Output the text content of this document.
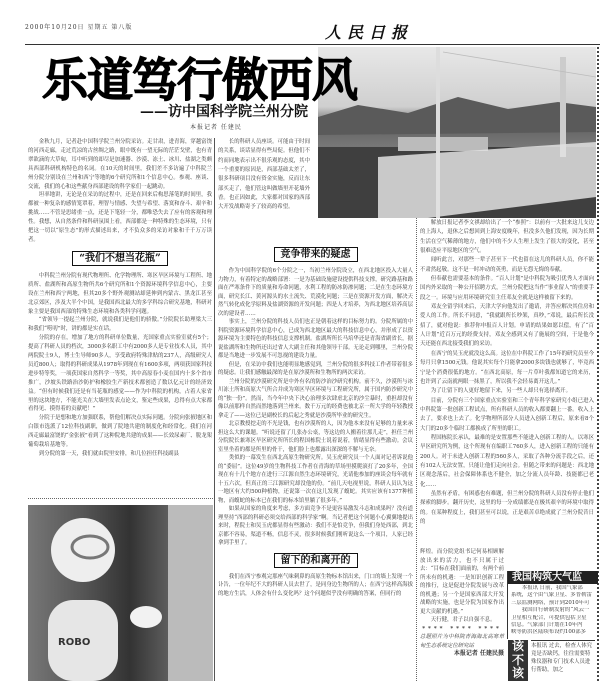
2000年10月20日 星期五 第八版	人民日报
乐道笃行傲西风
——访中国科学院兰州分院
本报记者 任建民

金秋九月，记者赴中国科学院兰州分院采访。走甘肃，进青海，穿越富饶的河西走廊，走过荒凉的古丝绸之路，眼中既有一望无际的茫茫戈壁，也有青翠欲滴的大草甸，耳中听到的却尽是加速器、沙漠、冻土、冰川、盐湖之类颇具西部科研机构特色的名词。在10天的时间里，我们差不多访遍了中科院兰州分院分别设在兰州和西宁等地的6个研究所和1个信息中心。参观、座谈、交流，我们的心和这些献身西部建设的科学家们一起跳动。

坦率地讲，无论是在采访的过程中，还是在回来后构思落笔的时间里，我都被一种复杂的感情笼罩着，理智与情感、失望与希望、落寞和奋斗、艰辛和挑战……不管是思绪重一点，还是下笔轻一分，都唯恐失去了应有的客观和理性。我想，从自然条件和科研氛围上看，西部都是一种特殊的生态环境，只有把这一切以“原生态”的形式描述出来，才不负众多的采访对象和千千万万读者。

“我们不想当花瓶”

中科院兰州分院有现代物理所、化学物理所、寒区旱区环境与工程所、地质所、盐湖所和高原生物所共6个研究所和1个资源环境科学信息中心，主要设在兰州和西宁两地，但其20多个野外观测站却延伸到内蒙古、黑龙江甚至北京郊区，涉及大半个中国，是我国西北最大的多学科综合研究基地，科研对象主要是我国西部的特殊生态环境和各类科学问题。

“省领导一提起兰州分院，就说我们是他们的骄傲。”分院院长助理梁大三和我们“唠叨”时，讲的都是实在话。

分院的存在，增加了地方的科研单位数量，光国家重点实验室就有5个；提高了科研人员的档次，3000多名职工中有2000多人是专业技术人员，其中两院院士9人，博士生导师90多人，享受政府特殊津贴的237人，高级研究人员近800人；取得的科研成果从1978年到现在有1600多项，两项获国家科技进步特等奖，一项获国家自然科学一等奖，其中高原春小麦在国内十多个省市推广，沙坡头铁路治沙防护和橡胶生产新技术都创造了数以亿元计的经济效益。“但有时候我们还是有当花瓶的感觉——作为中科院的机构，占着人家省里的这块地方，不能光关在大墙里发表点论文，鉴定些成果，总得有点大家都看得见、摸得着的贡献吧！”

分院于是想和地方加强联系，帮他们解决点实际问题。分院向张掖地区和白银市选派了12位科技副职，做到了院地共建的制度化和经常化。我们在河西走廊最富饶的“金张掖”看到了这种院地共建的成果——长效尿素厂、脱龙架葡萄栽培基地等。

到分院的第一天，我们就由院里安排，和几位担任科技副县

ROBO

长的科研人员座谈。可能由于时间的关系，谈话显得有些局促。但他们不约而同地表示出不很乐观的态度，其中一个重要的原因是，西部基础太差了，很多科研项目没有资金实施，反而让东部买走了，他们管这叫做墙里开花墙外香。也正因如此，大家都对国家的西部大开发战略寄予了较高的希望。

竞争带来的疑虑

作为中国科学院的6个分院之一，当初兰州分院设立，在西北地区投入大量人力物力，有着特定的战略部署：一是为基础设施建设提供科技支撑，研究路基和路面在严寒条件下的质量和寿命问题，水利工程的防冰防渗问题；二是在生态环境方面，研究长江、黄河源头的水土流失、荒漠化问题；三是在资源开发方面，解决天然气转化成化学原料及盐湖资源的开发问题；四是人才培养，为西北地区培养高层次的建设者……

事实上，兰州分院的科技人员们也正是朝着这样的目标努力的。分院所属的中科院资源环境科学信息中心，已成为西北地区最大的科技信息中心，并形成了以资源环境为主要特色的科技信息支撑机制。盐湖所所长马培华还是青海省副省长，据说盐湖所和生物所还出过省人大副主任和其他领导干部。无论走到哪里，兰州分院都是当地进一步发展不可忽视的建设力量。

但是，在采访中我们也能明显地感觉到，兰州分院的很多科技工作者带着很多的疑虑。让我们感触最深的是在原沙漠所和生物所的两次采访。

兰州分院的沙漠研究所是中外有名的防沙治沙研究机构。前不久，沙漠所与冰川冻土所和高原大气所合并成为寒区旱区环境与工程研究所，属于国内防沙研究中的“独一份”。然而，当今年中央下决心治理多次肆虐北京的沙尘暴时，重担却没有像以前那样自然而然地落到兰州来。数千万元的经费也被北京一所大学的年轻教授拿走了——这位已是副校长的后起之秀就是沙漠所毕业的研究生。

北京教授挖走的不光是钱，也有沙漠所的人，因为他本来没有足够的力量来承担这么大的课题。“听说还留了几张办公桌，等这边的人搬着往那儿走”，担任兰州分院院长兼寒区旱区研究所所长的程国栋院士说着说着，情绪显得有些激动。会议室里坐着的都是所里的骨干，他们脸上也都露出深深的不解与无奈。

类似的一幕发生在西北高原生物研究所。吴玉虎研究员一个人面对记者诉说他的“委屈”。这位49岁的生物科技工作者在青海的草场里摸爬滚打了20多年，全国现在有十几个地方在进行三江源自然生态环境研究，光请他参加的座谈会每年就有十五六次，但真正的三江源研究却没他的份。“前几天电视里说，科研人员认为这一地区有大约500种植物，还说第一次在这儿发现了蝮蛇。其实应该有1377种植物，而蝮蛇的标本已在我们的标本馆里躺了很多年。”

如果从国家的角度来考虑，多方面竞争不是更容易激发斗志和成果吗？没有道理坚持“西部的科研必须交给西部的科学家”啊。当记者把这个问题小心翼翼地提出来时，程院士和吴玉虎都显得有些激动：我们不是怕竞争，但我们身处西部，到北京都不容易，渠道不畅，信息不灵，很多时候我们刚听说这么一个项目，人家已经拿到手里了。

留下的和离开的

我们在西宁参观完那座气味刺鼻的高原生物标本馆出来，门口的墙上发现一个讣告，一位年纪不大的科研人员去世了，是同身边生物所的人；在西宁这样高海拔的地方生活，人体会有什么变化吗？这个问题似乎没有明确的答案，但同行的

解放日报记者李文祺却给出了一个“参照”：以前有一大批来这儿支边的上海人，退休之后想回到上海安度晚年，但没多久他们发现，因为长期生活在空气稀薄的地方，他们中的不少人生理上发生了很大的变化，甚至很难适应平原地区的空气。

闻听此言，对那些一辈子甚至下一代也留在这儿的科研人员，你不能不肃然起敬。这不是一时冲动的英勇，而是无怨无悔的奉献。

但奉献也需要基本的条件。“百人计划”是中科院为吸引优秀人才面向国内外采取的一种公开招聘方式，兰州分院把这当作“事业留人”的重要手段之一。环境与应用环境研究室主任邓友全就是这样被留下来的。

邓友全留学回来后，天津大学向他发出了邀请，并答应解决其住房和爱人的工作。所长不同意，“我就跟所长吵架，真吵，”邓说，最后所长没招了，就对他说：推荐你申报百人计划。申请的结果如愿以偿，有了“百人计划”近百万元的经费支持，邓友全感到又有了施展的空间，于是他今天还能在西北接受我们的采访。

在西宁的吴玉虎就没这么高。这位在中科院工作了15年的研究员至今每月只拿1500元钱。他说其实每个月能拿2000多块钱也就够了，毕竟西宁是个消费很低的地方。“在西北高原，每一片草叶我都知道它的来历，也许到了云南就两眼一抹黑了，所以我不会轻易离开这儿。”

为了让留下的人更好地留下来，另一些人却只有选择离开。

目前，分院有三个国家重点实验室和三个青年科学家研究小组已进入中科院第一批创新工程试点，所有科研人员的收入都要翻上一番。收入上去了，要求也上去了。化学物理所部分人员进入创新工程后，原来看8个大门的20多个临时工都换成了所里的职工。

程国栋院长承认，最难的是安置那些不能进入创新工程的人。以寒区旱区研究所为例，这个所现有在编职工760多人，进入创新工程的只能有200人。对于未进入创新工程的560多人，采取了各种分流手段之后，还有102人无法安置，只能让他们走向社会。但随之带来的问题是：西北地区观念落后，社会保障体系也不健全，加之分流人员年龄、技能都已老化……

虽然有矛盾，有困惑也有难题，但兰州分院的科研人员没有停止他们探索的脚步。翻开历史，这里的每一分成绩都是在极其艰辛的环境中取得的。在某种程度上，我们甚至可以说，正是艰苦卓绝成就了兰州分院昔日的

辉煌。而分院党组书记何易相顾解放出来的活力，也不只属于过去：“目标在我们面前的，有两个前所未有的机遇：一是知识创新工程的推行，这是促进分院发展与改革的机遇；另一个是国家西部大开发战略的实施，也是分院为国家作出更大贡献的机遇。”

天行健，君子以自强不息。

**** **** ****
总题照片为中科院青海海北高寒草甸生态系统定位研究站
本报记者 任建民摄
我国构筑大气监

本报讯 日前，我国气象部

系统，这个由气象卫星、多普勒雷

三层监测网络，预计到2010年可

我国自行研制发射的“风云一

卫星相互配合，可提供包括卫星

信息。气象部门计划在10年内

峡等防洪区陆续布设约100部多

该
不
该
本报讯 过去，检查人体究竟是否缺钙，往往需要特殊仪器和专门技术人员进行帮助，加之
